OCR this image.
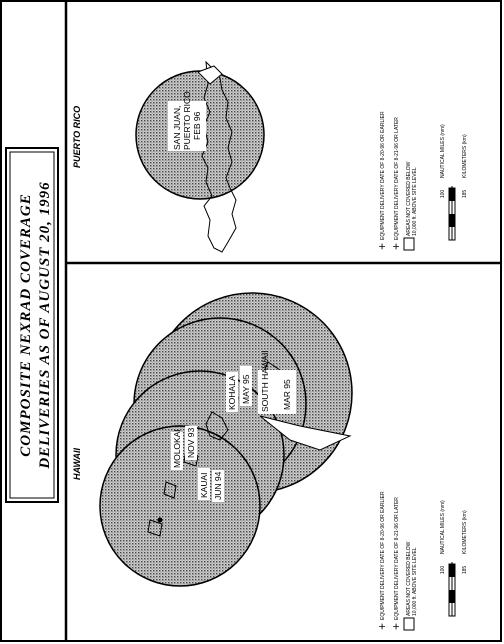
COMPOSITE NEXRAD COVERAGE DELIVERIES AS OF AUGUST 20, 1996 HAWAII
PUERTO RICO	SAN JUAN, PUERTO RICO FEB 96
+
EQUIPMENT DELIVERY DATE OF 8-20-96 OR EARLIER
+
EQUIPMENT DELIVERY DATE OF 8-21-96 OR LATER AREAS NOT COVERED BELOW 10,000 ft. ABOVE SITE LEVEL	100
NAUTICAL MILES (nmi)
185
KILOMETERS (km)
MOLOKAI NOV 93
KAUAI JUN 94
KOHALA MAY 95 SOUTH HAWAII MAR 95
+
EQUIPMENT DELIVERY DATE OF 8-20-96 OR EARLIER
+
EQUIPMENT DELIVERY DATE OF 8-21-96 OR LATER AREAS NOT COVERED BELOW 10,000 ft. ABOVE SITE LEVEL	100
NAUTICAL MILES (nmi)
185
KILOMETERS (km)
